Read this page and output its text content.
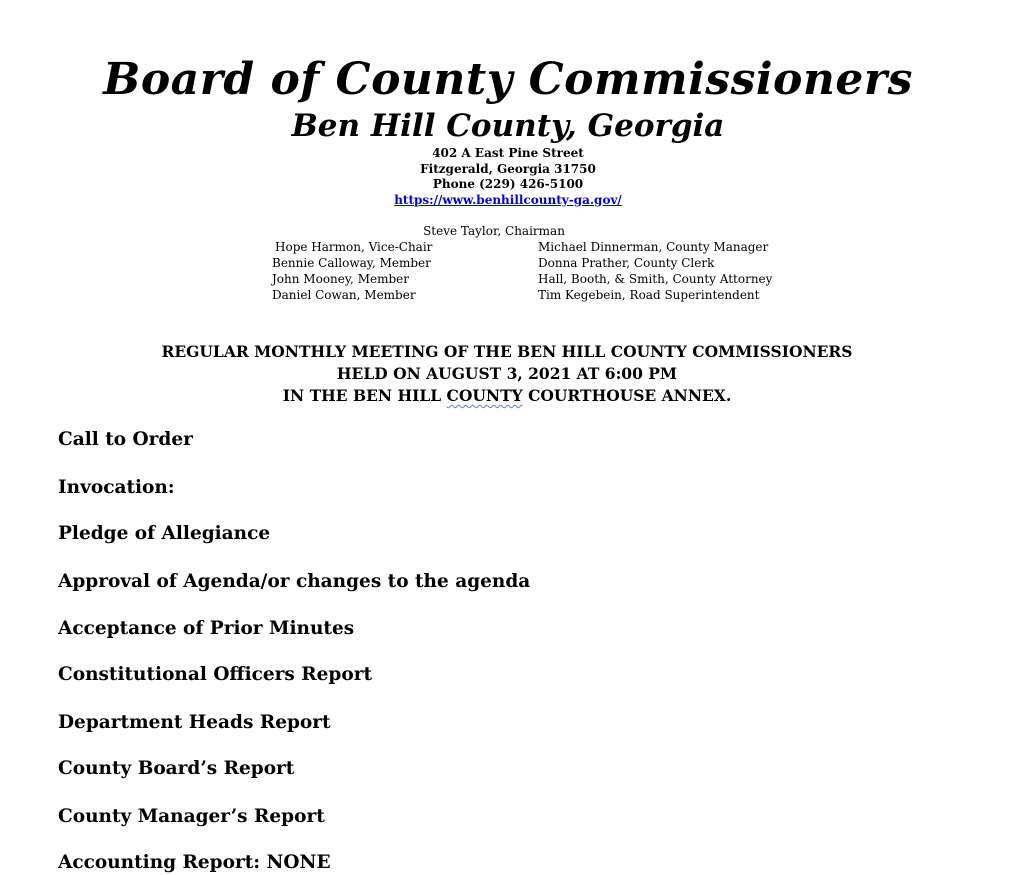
Board of County Commissioners
Ben Hill County, Georgia
402 A East Pine Street
Fitzgerald, Georgia 31750
Phone (229) 426-5100
https://www.benhillcounty-ga.gov/
Steve Taylor, Chairman
Hope Harmon, Vice-Chair
Bennie Calloway, Member
John Mooney, Member
Daniel Cowan, Member
Michael Dinnerman, County Manager
Donna Prather, County Clerk
Hall, Booth, & Smith, County Attorney
Tim Kegebein, Road Superintendent
REGULAR MONTHLY MEETING OF THE BEN HILL COUNTY COMMISSIONERS
HELD ON AUGUST 3, 2021 AT 6:00 PM
IN THE BEN HILL COUNTY COURTHOUSE ANNEX.
Call to Order
Invocation:
Pledge of Allegiance
Approval of Agenda/or changes to the agenda
Acceptance of Prior Minutes
Constitutional Officers Report
Department Heads Report
County Board’s Report
County Manager’s Report
Accounting Report: NONE
